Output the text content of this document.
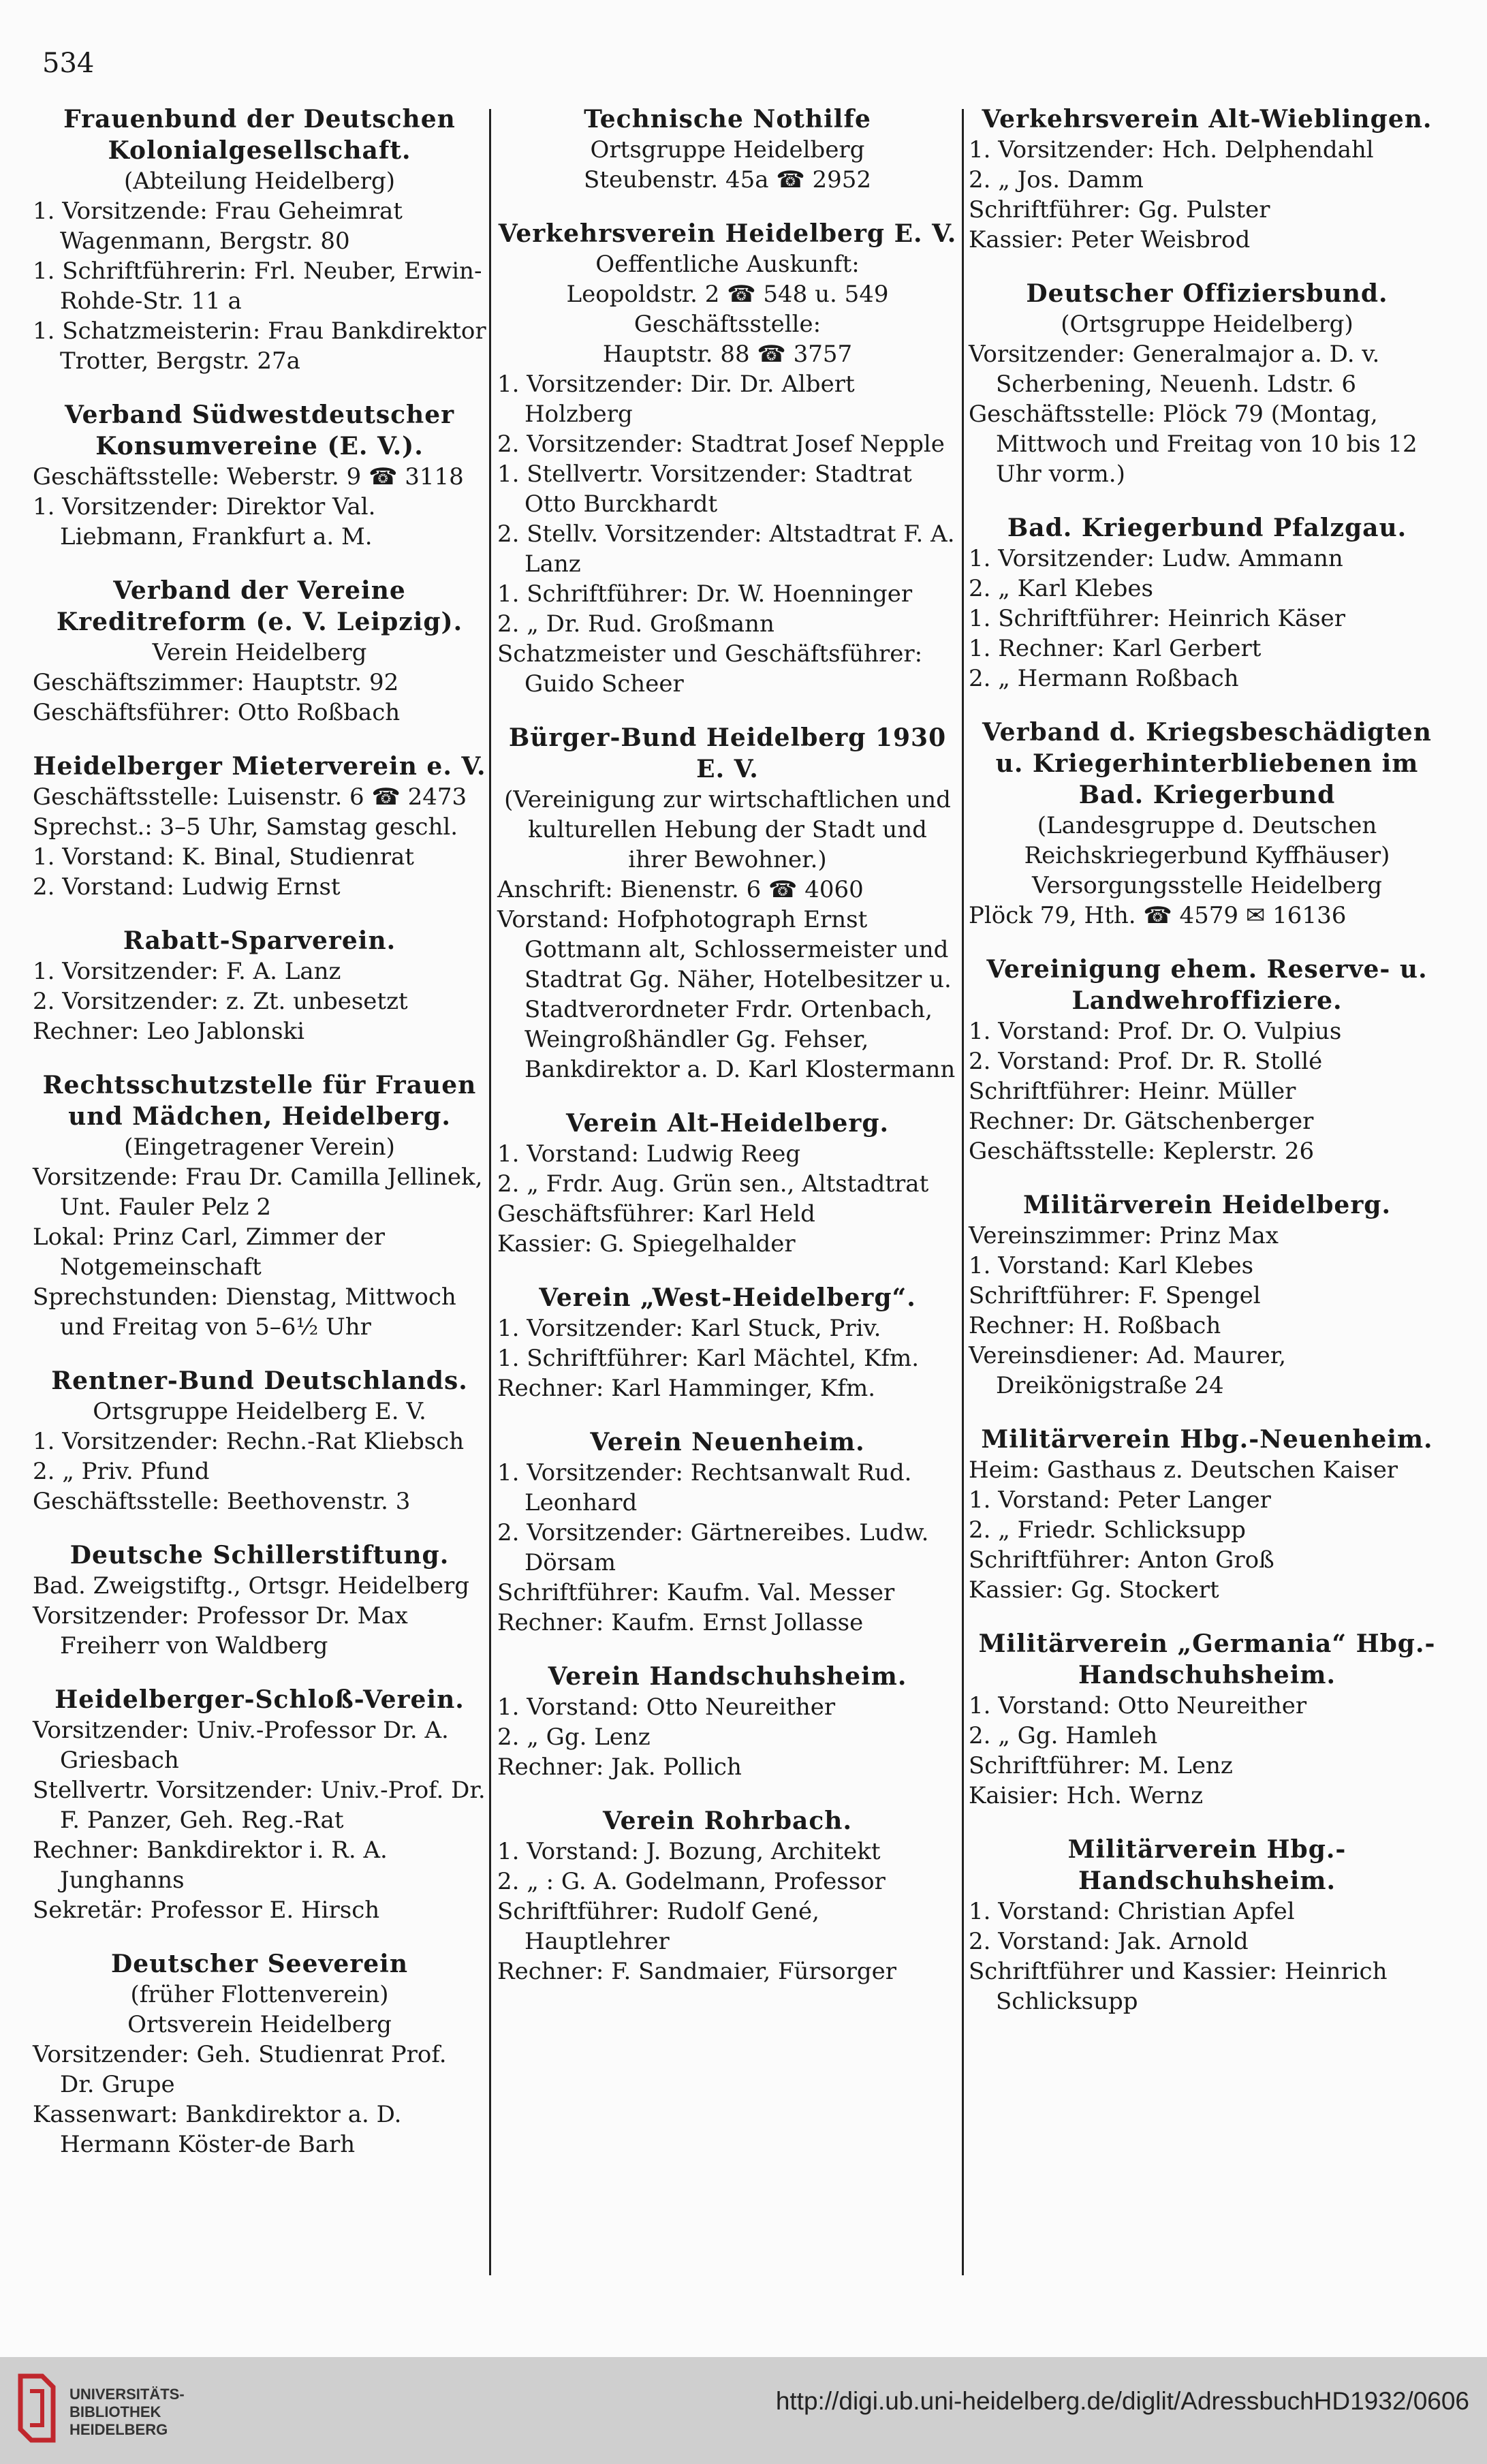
534
Frauenbund der Deutschen Kolonialgesellschaft.
(Abteilung Heidelberg)
1. Vorsitzende: Frau Geheimrat Wagenmann, Bergstr. 80
1. Schriftführerin: Frl. Neuber, Erwin-Rohde-Str. 11 a
1. Schatzmeisterin: Frau Bankdirektor Trotter, Bergstr. 27a
Verband Südwestdeutscher Konsumvereine (E. V.).
Geschäftsstelle: Weberstr. 9 ☎ 3118
1. Vorsitzender: Direktor Val. Liebmann, Frankfurt a. M.
Verband der Vereine Kreditreform (e. V. Leipzig).
Verein Heidelberg
Geschäftszimmer: Hauptstr. 92
Geschäftsführer: Otto Roßbach
Heidelberger Mieterverein e. V.
Geschäftsstelle: Luisenstr. 6 ☎ 2473
Sprechst.: 3–5 Uhr, Samstag geschl.
1. Vorstand: K. Binal, Studienrat
2. Vorstand: Ludwig Ernst
Rabatt-Sparverein.
1. Vorsitzender: F. A. Lanz
2. Vorsitzender: z. Zt. unbesetzt
Rechner: Leo Jablonski
Rechtsschutzstelle für Frauen und Mädchen, Heidelberg.
(Eingetragener Verein)
Vorsitzende: Frau Dr. Camilla Jellinek, Unt. Fauler Pelz 2
Lokal: Prinz Carl, Zimmer der Notgemeinschaft
Sprechstunden: Dienstag, Mittwoch und Freitag von 5–6½ Uhr
Rentner-Bund Deutschlands.
Ortsgruppe Heidelberg E. V.
1. Vorsitzender: Rechn.-Rat Kliebsch
2. „ Priv. Pfund
Geschäftsstelle: Beethovenstr. 3
Deutsche Schillerstiftung.
Bad. Zweigstiftg., Ortsgr. Heidelberg
Vorsitzender: Professor Dr. Max Freiherr von Waldberg
Heidelberger-Schloß-Verein.
Vorsitzender: Univ.-Professor Dr. A. Griesbach
Stellvertr. Vorsitzender: Univ.-Prof. Dr. F. Panzer, Geh. Reg.-Rat
Rechner: Bankdirektor i. R. A. Junghanns
Sekretär: Professor E. Hirsch
Deutscher Seeverein
(früher Flottenverein)
Ortsverein Heidelberg
Vorsitzender: Geh. Studienrat Prof. Dr. Grupe
Kassenwart: Bankdirektor a. D. Hermann Köster-de Barh
Technische Nothilfe
Ortsgruppe Heidelberg
Steubenstr. 45a ☎ 2952
Verkehrsverein Heidelberg E. V.
Oeffentliche Auskunft:
Leopoldstr. 2 ☎ 548 u. 549
Geschäftsstelle:
Hauptstr. 88 ☎ 3757
1. Vorsitzender: Dir. Dr. Albert Holzberg
2. Vorsitzender: Stadtrat Josef Nepple
1. Stellvertr. Vorsitzender: Stadtrat Otto Burckhardt
2. Stellv. Vorsitzender: Altstadtrat F. A. Lanz
1. Schriftführer: Dr. W. Hoenninger
2. „ Dr. Rud. Großmann
Schatzmeister und Geschäftsführer: Guido Scheer
Bürger-Bund Heidelberg 1930 E. V.
(Vereinigung zur wirtschaftlichen und kulturellen Hebung der Stadt und ihrer Bewohner.)
Anschrift: Bienenstr. 6 ☎ 4060
Vorstand: Hofphotograph Ernst Gottmann alt, Schlossermeister und Stadtrat Gg. Näher, Hotelbesitzer u. Stadtverordneter Frdr. Ortenbach, Weingroßhändler Gg. Fehser, Bankdirektor a. D. Karl Klostermann
Verein Alt-Heidelberg.
1. Vorstand: Ludwig Reeg
2. „ Frdr. Aug. Grün sen., Altstadtrat
Geschäftsführer: Karl Held
Kassier: G. Spiegelhalder
Verein „West-Heidelberg“.
1. Vorsitzender: Karl Stuck, Priv.
1. Schriftführer: Karl Mächtel, Kfm.
Rechner: Karl Hamminger, Kfm.
Verein Neuenheim.
1. Vorsitzender: Rechtsanwalt Rud. Leonhard
2. Vorsitzender: Gärtnereibes. Ludw. Dörsam
Schriftführer: Kaufm. Val. Messer
Rechner: Kaufm. Ernst Jollasse
Verein Handschuhsheim.
1. Vorstand: Otto Neureither
2. „ Gg. Lenz
Rechner: Jak. Pollich
Verein Rohrbach.
1. Vorstand: J. Bozung, Architekt
2. „ : G. A. Godelmann, Professor
Schriftführer: Rudolf Gené, Hauptlehrer
Rechner: F. Sandmaier, Fürsorger
Verkehrsverein Alt-Wieblingen.
1. Vorsitzender: Hch. Delphendahl
2. „ Jos. Damm
Schriftführer: Gg. Pulster
Kassier: Peter Weisbrod
Deutscher Offiziersbund.
(Ortsgruppe Heidelberg)
Vorsitzender: Generalmajor a. D. v. Scherbening, Neuenh. Ldstr. 6
Geschäftsstelle: Plöck 79 (Montag, Mittwoch und Freitag von 10 bis 12 Uhr vorm.)
Bad. Kriegerbund Pfalzgau.
1. Vorsitzender: Ludw. Ammann
2. „ Karl Klebes
1. Schriftführer: Heinrich Käser
1. Rechner: Karl Gerbert
2. „ Hermann Roßbach
Verband d. Kriegsbeschädigten u. Kriegerhinterbliebenen im Bad. Kriegerbund
(Landesgruppe d. Deutschen Reichskriegerbund Kyffhäuser)
Versorgungsstelle Heidelberg
Plöck 79, Hth. ☎ 4579 ✉ 16136
Vereinigung ehem. Reserve- u. Landwehroffiziere.
1. Vorstand: Prof. Dr. O. Vulpius
2. Vorstand: Prof. Dr. R. Stollé
Schriftführer: Heinr. Müller
Rechner: Dr. Gätschenberger
Geschäftsstelle: Keplerstr. 26
Militärverein Heidelberg.
Vereinszimmer: Prinz Max
1. Vorstand: Karl Klebes
Schriftführer: F. Spengel
Rechner: H. Roßbach
Vereinsdiener: Ad. Maurer, Dreikönigstraße 24
Militärverein Hbg.-Neuenheim.
Heim: Gasthaus z. Deutschen Kaiser
1. Vorstand: Peter Langer
2. „ Friedr. Schlicksupp
Schriftführer: Anton Groß
Kassier: Gg. Stockert
Militärverein „Germania“ Hbg.-Handschuhsheim.
1. Vorstand: Otto Neureither
2. „ Gg. Hamleh
Schriftführer: M. Lenz
Kaisier: Hch. Wernz
Militärverein Hbg.-Handschuhsheim.
1. Vorstand: Christian Apfel
2. Vorstand: Jak. Arnold
Schriftführer und Kassier: Heinrich Schlicksupp
UNIVERSITÄTS-
BIBLIOTHEK
HEIDELBERG
http://digi.ub.uni-heidelberg.de/diglit/AdressbuchHD1932/0606
